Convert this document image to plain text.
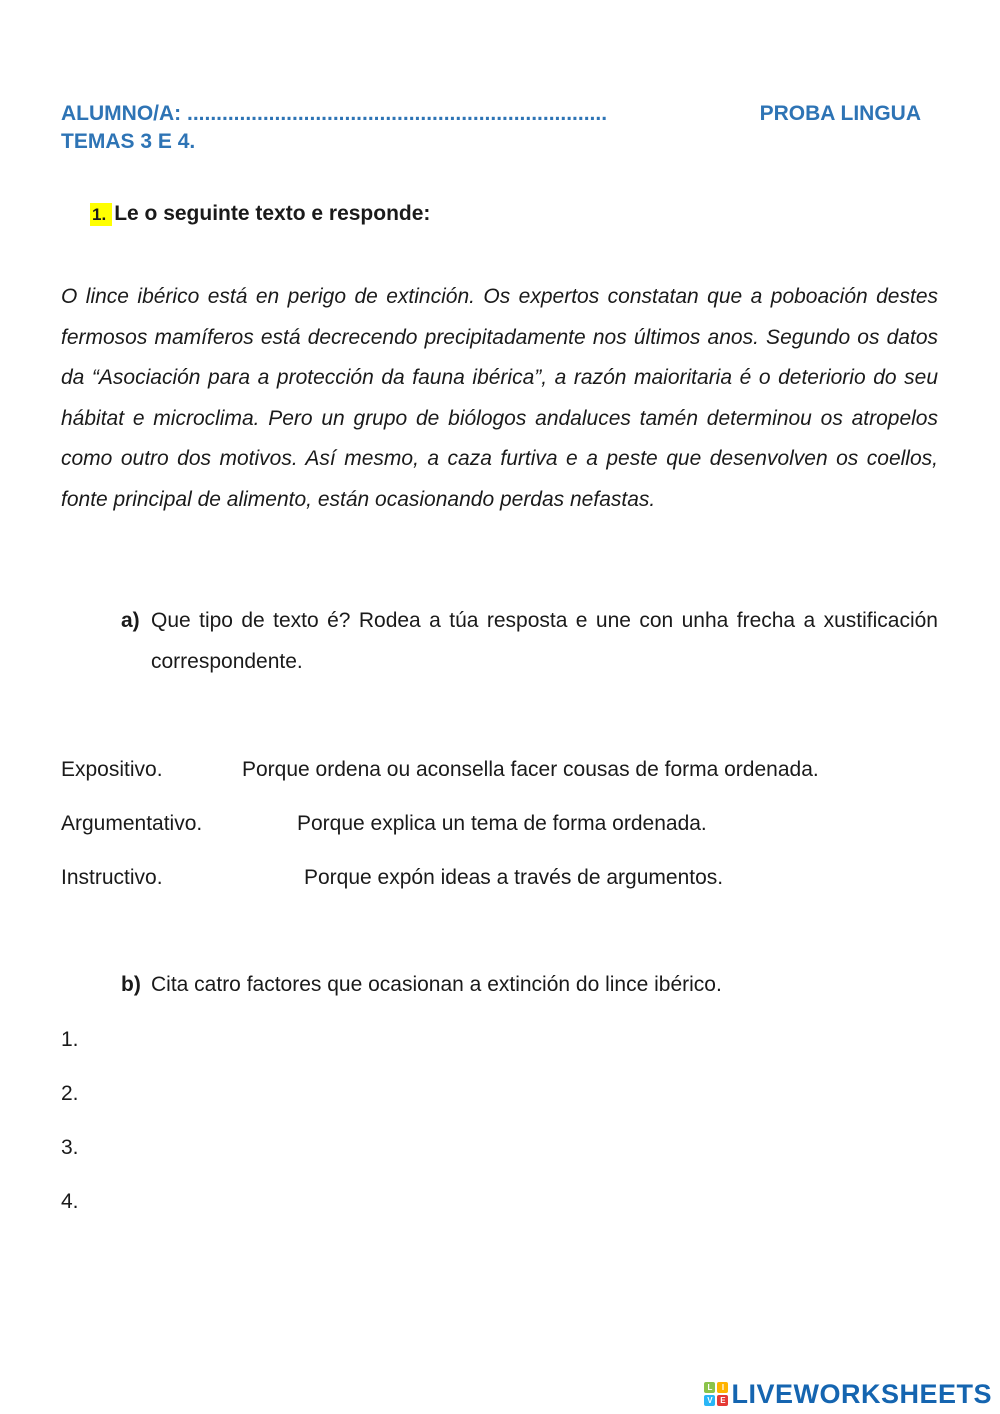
ALUMNO/A: ........................................................................	PROBA LINGUA
TEMAS 3 E 4.
1. Le o seguinte texto e responde:
O lince ibérico está en perigo de extinción. Os expertos constatan que a poboación destes fermosos mamíferos está decrecendo precipitadamente nos últimos anos. Segundo os datos da “Asociación para a protección da fauna ibérica”, a razón maioritaria é o deteriorio do seu hábitat e microclima. Pero un grupo de biólogos andaluces tamén determinou os atropelos como outro dos motivos. Así mesmo, a caza furtiva e a peste que desenvolven os coellos, fonte principal de alimento, están ocasionando perdas nefastas.
a) Que tipo de texto é? Rodea a túa resposta e une con unha frecha a xustificación correspondente.
Expositivo.	Porque ordena ou aconsella facer cousas de forma ordenada.
Argumentativo.	Porque explica un tema de forma ordenada.
Instructivo.	Porque expón ideas a través de argumentos.
b) Cita catro factores que ocasionan a extinción do lince ibérico.
1.
2.
3.
4.
L	I
V E LIVEWORKSHEETS
